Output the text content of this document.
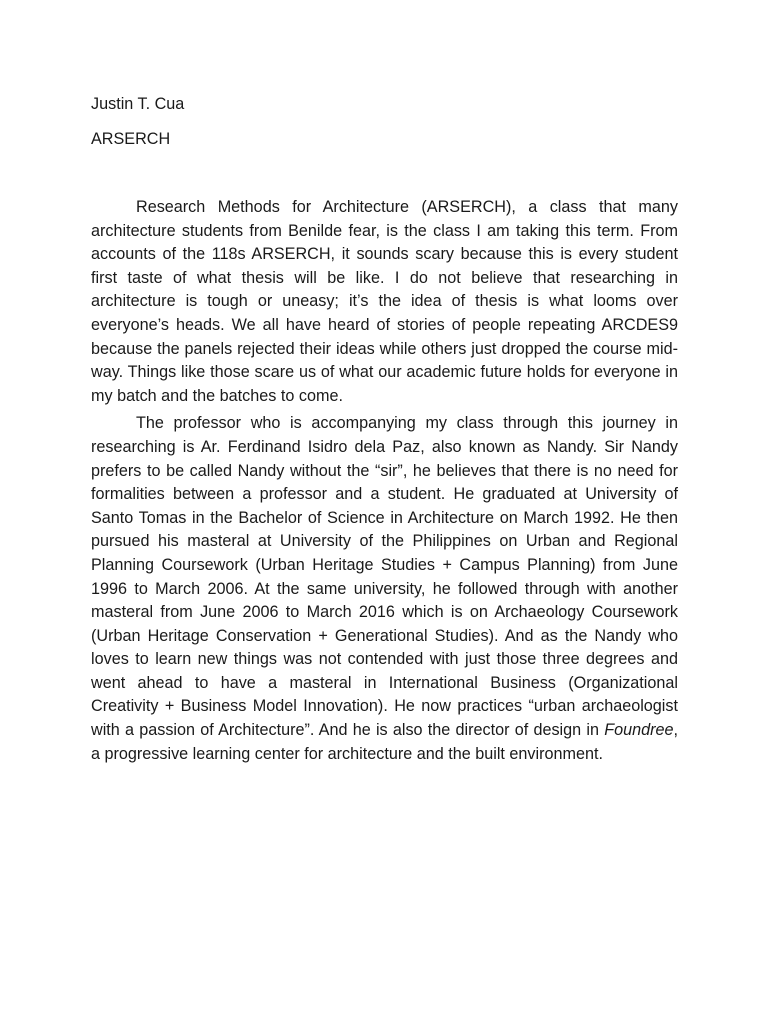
Justin T. Cua
ARSERCH

Research Methods for Architecture (ARSERCH), a class that many architecture students from Benilde fear, is the class I am taking this term. From accounts of the 118s ARSERCH, it sounds scary because this is every student first taste of what thesis will be like. I do not believe that researching in architecture is tough or uneasy; it’s the idea of thesis is what looms over everyone’s heads. We all have heard of stories of people repeating ARCDES9 because the panels rejected their ideas while others just dropped the course mid-way. Things like those scare us of what our academic future holds for everyone in my batch and the batches to come.

The professor who is accompanying my class through this journey in researching is Ar. Ferdinand Isidro dela Paz, also known as Nandy. Sir Nandy prefers to be called Nandy without the “sir”, he believes that there is no need for formalities between a professor and a student. He graduated at University of Santo Tomas in the Bachelor of Science in Architecture on March 1992. He then pursued his masteral at University of the Philippines on Urban and Regional Planning Coursework (Urban Heritage Studies + Campus Planning) from June 1996 to March 2006. At the same university, he followed through with another masteral from June 2006 to March 2016 which is on Archaeology Coursework (Urban Heritage Conservation + Generational Studies). And as the Nandy who loves to learn new things was not contended with just those three degrees and went ahead to have a masteral in International Business (Organizational Creativity + Business Model Innovation). He now practices “urban archaeologist with a passion of Architecture”. And he is also the director of design in Foundree, a progressive learning center for architecture and the built environment.
